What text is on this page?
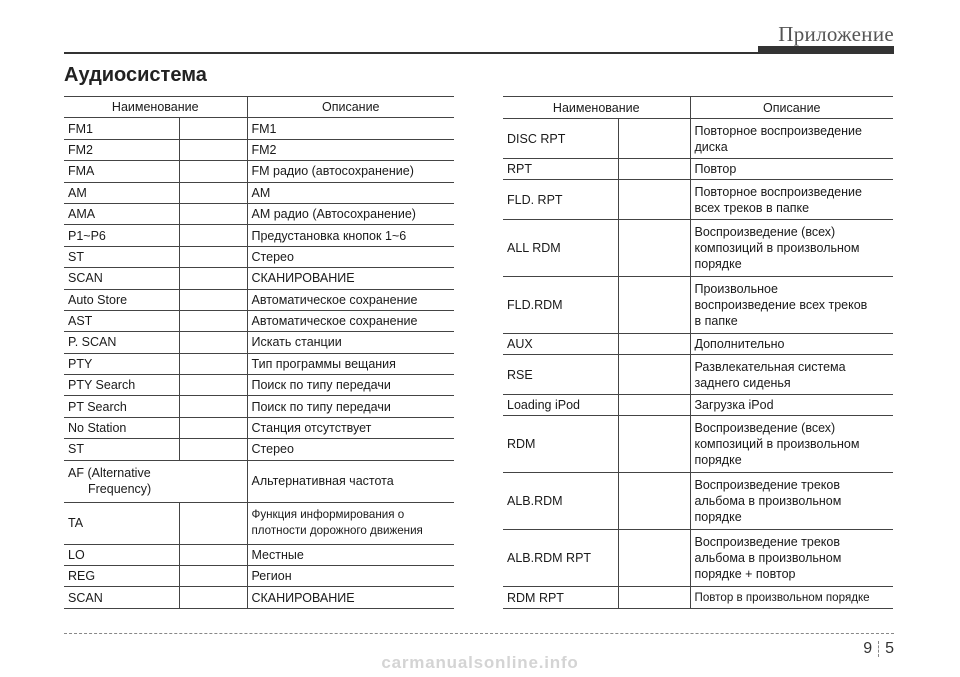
Приложение
Аудиосистема
Наименование		Описание
FM1		FM1
FM2		FM2
FMA		FM радио (автосохранение)
AM		AM
AMA		AM радио (Автосохранение)
P1~P6		Предустановка кнопок 1~6
ST		Стерео
SCAN		СКАНИРОВАНИЕ
Auto Store		Автоматическое сохранение
AST		Автоматическое сохранение
P. SCAN		Искать станции
PTY		Тип программы вещания
PTY Search		Поиск по типу передачи
PT Search		Поиск по типу передачи
No Station		Станция отсутствует
ST		Стерео
AF (Alternative
Frequency)		Альтернативная частота
TA		Функция информирования о
плотности дорожного движения
LO		Местные
REG		Регион
SCAN		СКАНИРОВАНИЕ
Наименование		Описание
DISC RPT		Повторное воспроизведение
диска
RPT		Повтор
FLD. RPT		Повторное воспроизведение
всех треков в папке
ALL RDM		Воспроизведение (всех)
композиций в произвольном
порядке
FLD.RDM		Произвольное
воспроизведение всех треков
в папке
AUX		Дополнительно
RSE		Развлекательная система
заднего сиденья
Loading iPod		Загрузка iPod
RDM		Воспроизведение (всех)
композиций в произвольном
порядке
ALB.RDM		Воспроизведение треков
альбома в произвольном
порядке
ALB.RDM RPT		Воспроизведение треков
альбома в произвольном
порядке + повтор
RDM RPT		Повтор в произвольном порядке
9 5
carmanualsonline.info
